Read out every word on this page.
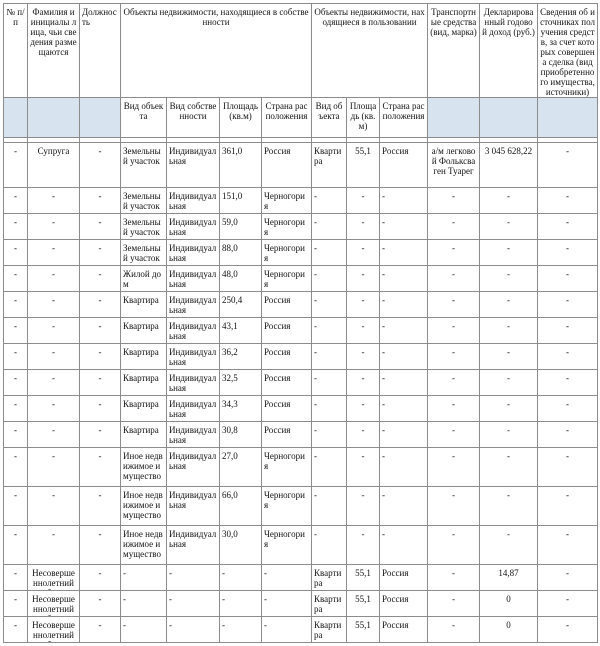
№ п/п	Фамилия и инициалы лица, чьи сведения размещаются	Должность	Объекты недвижимости, находящиеся в собственности				Объекты недвижимости, находящиеся в пользовании			Транспортные средства (вид, марка)	Декларированный годовой доход (руб.)	Сведения об источниках получения средств, за счет которых совершена сделка (вид приобретенного имущества, источники)
			Вид объекта	Вид собственности	Площадь (кв.м)	Страна расположения	Вид объекта	Площадь (кв.м)	Страна расположения			

-	Супруга	-	Земельный участок	Индивидуальная	361,0	Россия	Квартира	55,1	Россия	а/м легковой Фольксваген Туарег	3 045 628,22	-

-	-	-	Земельный участок	Индивидуальная	151,0	Черногория	-	-	-	-	-	-

-	-	-	Земельный участок	Индивидуальная	59,0	Черногория	-	-	-	-	-	-

-	-	-	Земельный участок	Индивидуальная	88,0	Черногория	-	-	-	-	-	-

-	-	-	Жилой дом	Индивидуальная	48,0	Черногория	-	-	-	-	-	-

-	-	-	Квартира	Индивидуальная	250,4	Россия	-	-	-	-	-	-

-	-	-	Квартира	Индивидуальная	43,1	Россия	-	-	-	-	-	-

-	-	-	Квартира	Индивидуальная	36,2	Россия	-	-	-	-	-	-

-	-	-	Квартира	Индивидуальная	32,5	Россия	-	-	-	-	-	-

-	-	-	Квартира	Индивидуальная	34,3	Россия	-	-	-	-	-	-

-	-	-	Квартира	Индивидуальная	30,8	Россия	-	-	-	-	-	-

-	-	-	Иное недвижимое имущество	Индивидуальная	27,0	Черногория	-	-	-	-	-	-

-	-	-	Иное недвижимое имущество	Индивидуальная	66,0	Черногория	-	-	-	-	-	-

-	-	-	Иное недвижимое имущество	Индивидуальная	30,0	Черногория	-	-	-	-	-	-

-	Несовершеннолетний	-	-	-	-	-	Квартира	55,1	Россия	-	14,87	-

-	Несовершеннолетний	-	-	-	-	-	Квартира	55,1	Россия	-	0	-

-	Несовершеннолетний	-	-	-	-	-	Квартира	55,1	Россия	-	0	-
